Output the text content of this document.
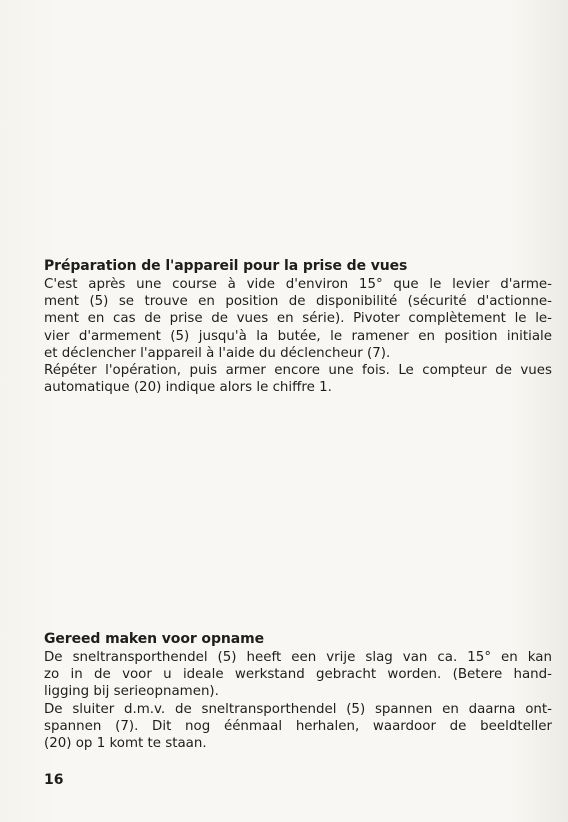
Préparation de l'appareil pour la prise de vues

C'est après une course à vide d'environ 15° que le levier d'arme-
ment (5) se trouve en position de disponibilité (sécurité d'actionne-
ment en cas de prise de vues en série). Pivoter complètement le le-
vier d'armement (5) jusqu'à la butée, le ramener en position initiale
et déclencher l'appareil à l'aide du déclencheur (7).
Répéter l'opération, puis armer encore une fois. Le compteur de vues
automatique (20) indique alors le chiffre 1.

Gereed maken voor opname

De sneltransporthendel (5) heeft een vrije slag van ca. 15° en kan
zo in de voor u ideale werkstand gebracht worden. (Betere hand-
ligging bij serieopnamen).
De sluiter d.m.v. de sneltransporthendel (5) spannen en daarna ont-
spannen (7). Dit nog éénmaal herhalen, waardoor de beeldteller
(20) op 1 komt te staan.

16
